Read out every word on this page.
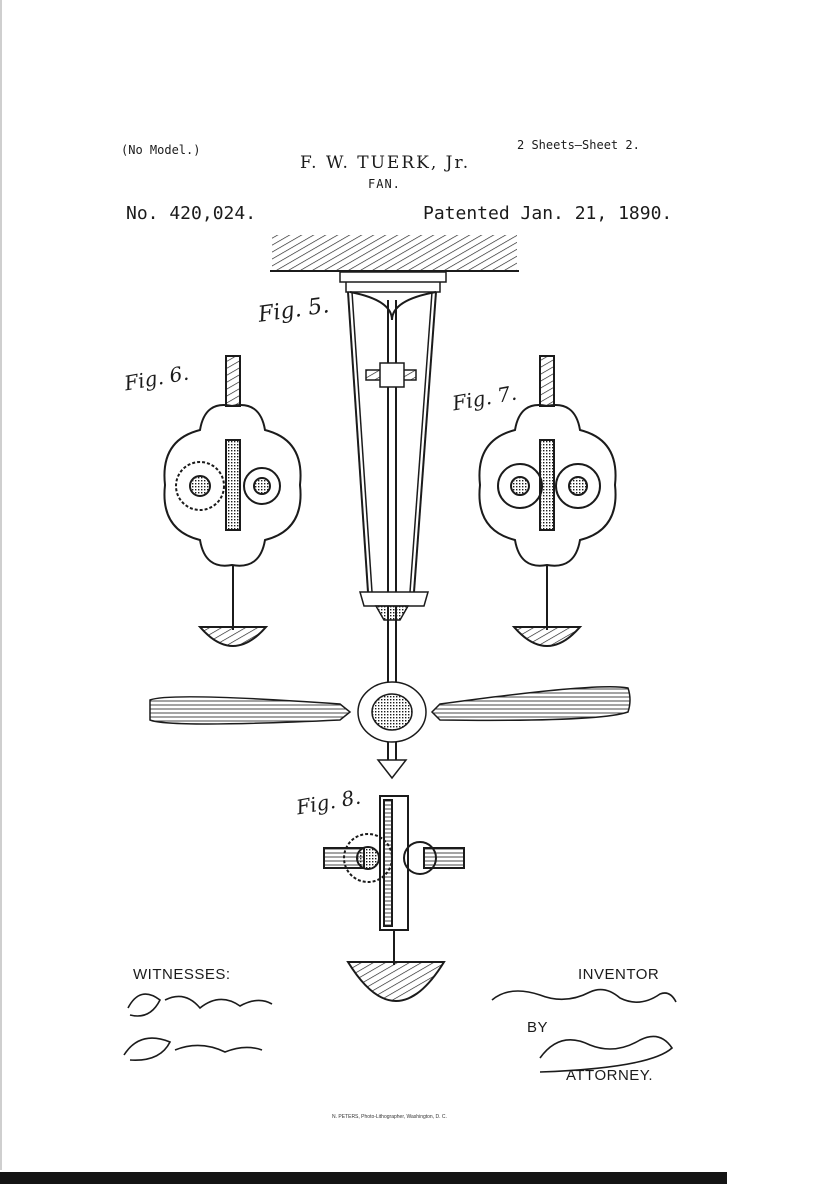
(No Model.)	2 Sheets—Sheet 2.
F. W. TUERK, Jr.
FAN.
No. 420,024.	Patented Jan. 21, 1890.
Fig. 5.
Fig. 6.
Fig. 7.
Fig. 8.
WITNESSES:	INVENTOR
BY
ATTORNEY.
N. PETERS, Photo-Lithographer, Washington, D. C.
